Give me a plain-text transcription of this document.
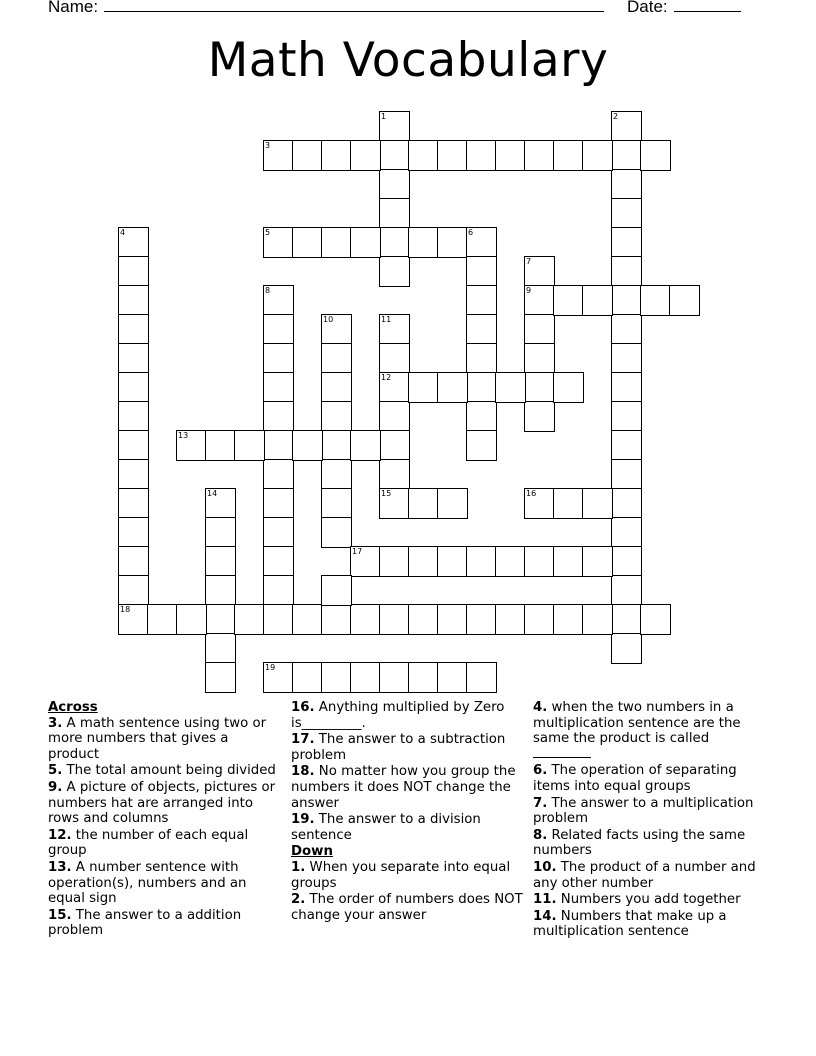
Name:	Date:
Math Vocabulary
1	2
3
4	5	6
7
9
8
10	11
12
15
13
14	16
17
18
19
Across
3. A math sentence using two or more numbers that gives a product
5. The total amount being divided
9. A picture of objects, pictures or numbers hat are arranged into rows and columns
12. the number of each equal group
13. A number sentence with operation(s), numbers and an equal sign
15. The answer to a addition problem
16. Anything multiplied by Zero is_________.
17. The answer to a subtraction problem
18. No matter how you group the numbers it does NOT change the answer
19. The answer to a division sentence
Down
1. When you separate into equal groups
2. The order of numbers does NOT change your answer
4. when the two numbers in a multiplication sentence are the same the product is called

6. The operation of separating items into equal groups
7. The answer to a multiplication problem
8. Related facts using the same numbers
10. The product of a number and any other number
11. Numbers you add together
14. Numbers that make up a multiplication sentence
